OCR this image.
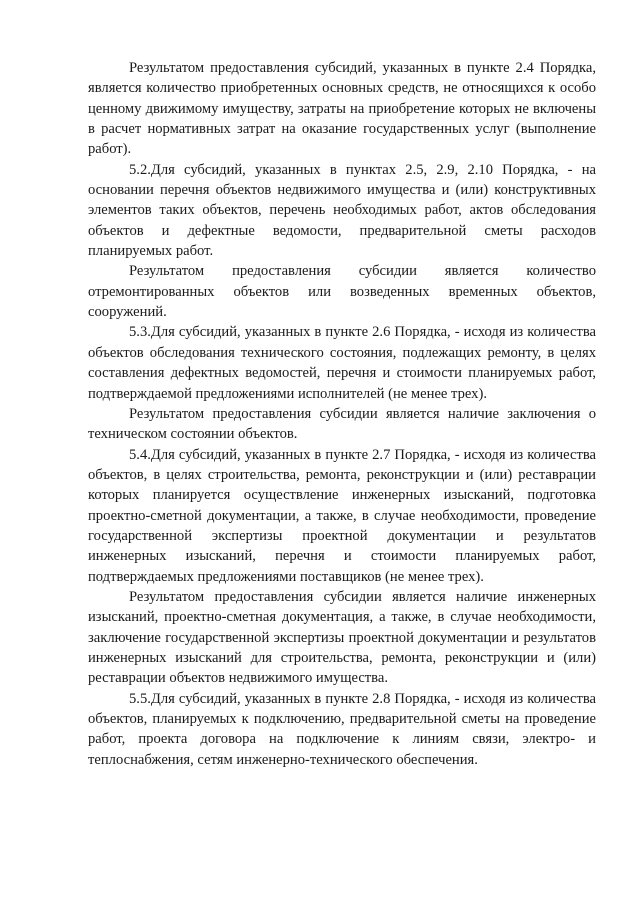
Результатом предоставления субсидий, указанных в пункте 2.4 Порядка, является количество приобретенных основных средств, не относящихся к особо ценному движимому имуществу, затраты на приобретение которых не включены в расчет нормативных затрат на оказание государственных услуг (выполнение работ).

5.2.Для субсидий, указанных в пунктах 2.5, 2.9, 2.10 Порядка, - на основании перечня объектов недвижимого имущества и (или) конструктивных элементов таких объектов, перечень необходимых работ, актов обследования объектов и дефектные ведомости, предварительной сметы расходов планируемых работ.

Результатом предоставления субсидии является количество отремонтированных объектов или возведенных временных объектов, сооружений.

5.3.Для субсидий, указанных в пункте 2.6 Порядка, - исходя из количества объектов обследования технического состояния, подлежащих ремонту, в целях составления дефектных ведомостей, перечня и стоимости планируемых работ, подтверждаемой предложениями исполнителей (не менее трех).

Результатом предоставления субсидии является наличие заключения о техническом состоянии объектов.

5.4.Для субсидий, указанных в пункте 2.7 Порядка, - исходя из количества объектов, в целях строительства, ремонта, реконструкции и (или) реставрации которых планируется осуществление инженерных изысканий, подготовка проектно-сметной документации, а также, в случае необходимости, проведение государственной экспертизы проектной документации и результатов инженерных изысканий, перечня и стоимости планируемых работ, подтверждаемых предложениями поставщиков (не менее трех).

Результатом предоставления субсидии является наличие инженерных изысканий, проектно-сметная документация, а также, в случае необходимости, заключение государственной экспертизы проектной документации и результатов инженерных изысканий для строительства, ремонта, реконструкции и (или) реставрации объектов недвижимого имущества.

5.5.Для субсидий, указанных в пункте 2.8 Порядка, - исходя из количества объектов, планируемых к подключению, предварительной сметы на проведение работ, проекта договора на подключение к линиям связи, электро- и теплоснабжения, сетям инженерно-технического обеспечения.
